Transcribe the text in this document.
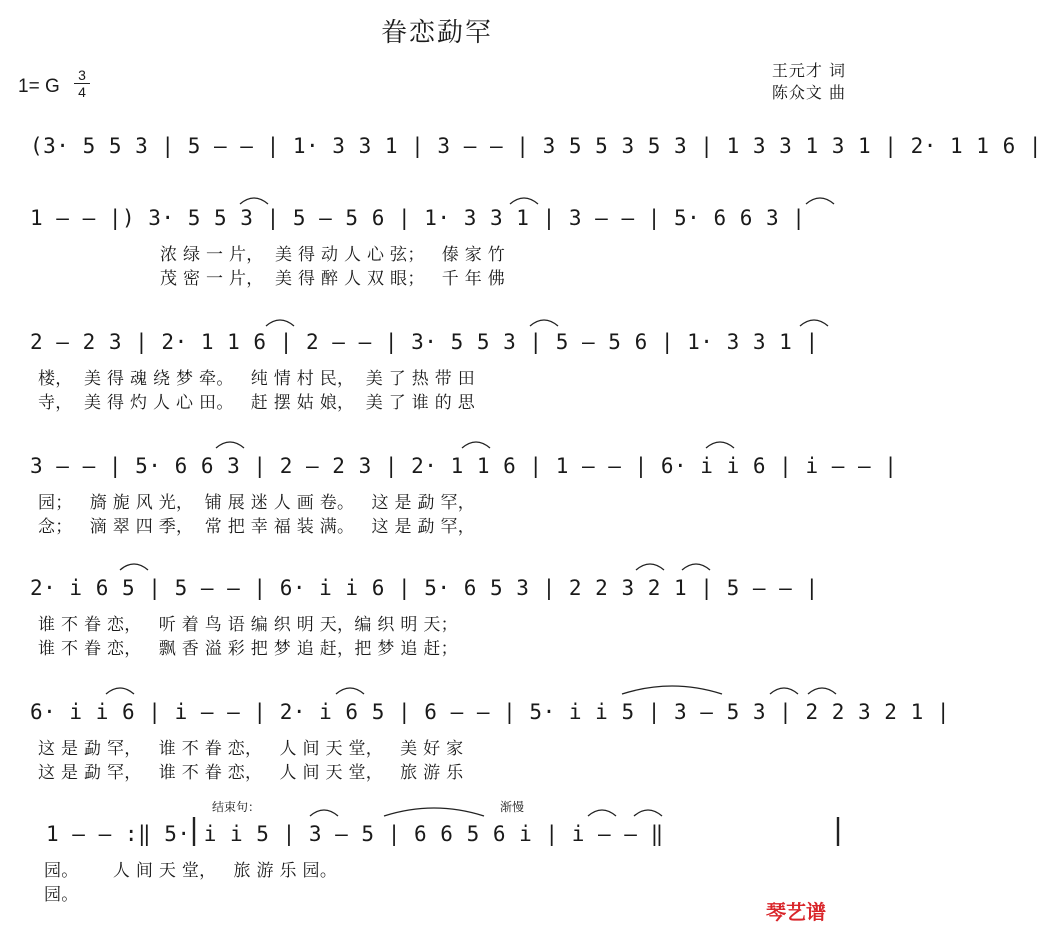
眷恋勐罕
1= G
3
4
王元才 词
陈众文 曲
(3· 5 5 3 | 5 — — | 1· 3 3 1 | 3 — — | 3 5 5 3 5 3 | 1 3 3 1 3 1 | 2· 1 1 6 |
1 — — |) 3· 5 5 3 | 5 — 5 6 | 1· 3 3 1 | 3 — — | 5· 6 6 3 |
浓 绿 一 片，  美 得 动 人 心 弦；   傣 家 竹
茂 密 一 片，  美 得 醉 人 双 眼；   千 年 佛
2 — 2 3 | 2· 1 1 6 | 2 — — | 3· 5 5 3 | 5 — 5 6 | 1· 3 3 1 |
楼，  美 得 魂 绕 梦 牵。   纯 情 村 民，  美 了 热 带 田
寺，  美 得 灼 人 心 田。   赶 摆 姑 娘，  美 了 谁 的 思
3 — — | 5· 6 6 3 | 2 — 2 3 | 2· 1 1 6 | 1 — — | 6· i i 6 | i — — |
园；   旖 旎 风 光，  铺 展 迷 人 画 卷。   这 是 勐 罕，
念；   滴 翠 四 季，  常 把 幸 福 装 满。   这 是 勐 罕，
2· i 6 5 | 5 — — | 6· i i 6 | 5· 6 5 3 | 2 2 3 2 1 | 5 — — |
谁 不 眷 恋，   听 着 鸟 语 编 织 明 天，编 织 明 天；
谁 不 眷 恋，   飘 香 溢 彩 把 梦 追 赶，把 梦 追 赶；
6· i i 6 | i — — | 2· i 6 5 | 6 — — | 5· i i 5 | 3 — 5 3 | 2 2 3 2 1 |
这 是 勐 罕，   谁 不 眷 恋，   人 间 天 堂，   美 好 家
这 是 勐 罕，   谁 不 眷 恋，   人 间 天 堂，   旅 游 乐
结束句：	渐慢
1 — — :‖ 5· i i 5 | 3 — 5 | 6 6 5 6 i | i — — ‖
园。      人 间 天 堂，   旅 游 乐 园。
园。
琴艺谱
